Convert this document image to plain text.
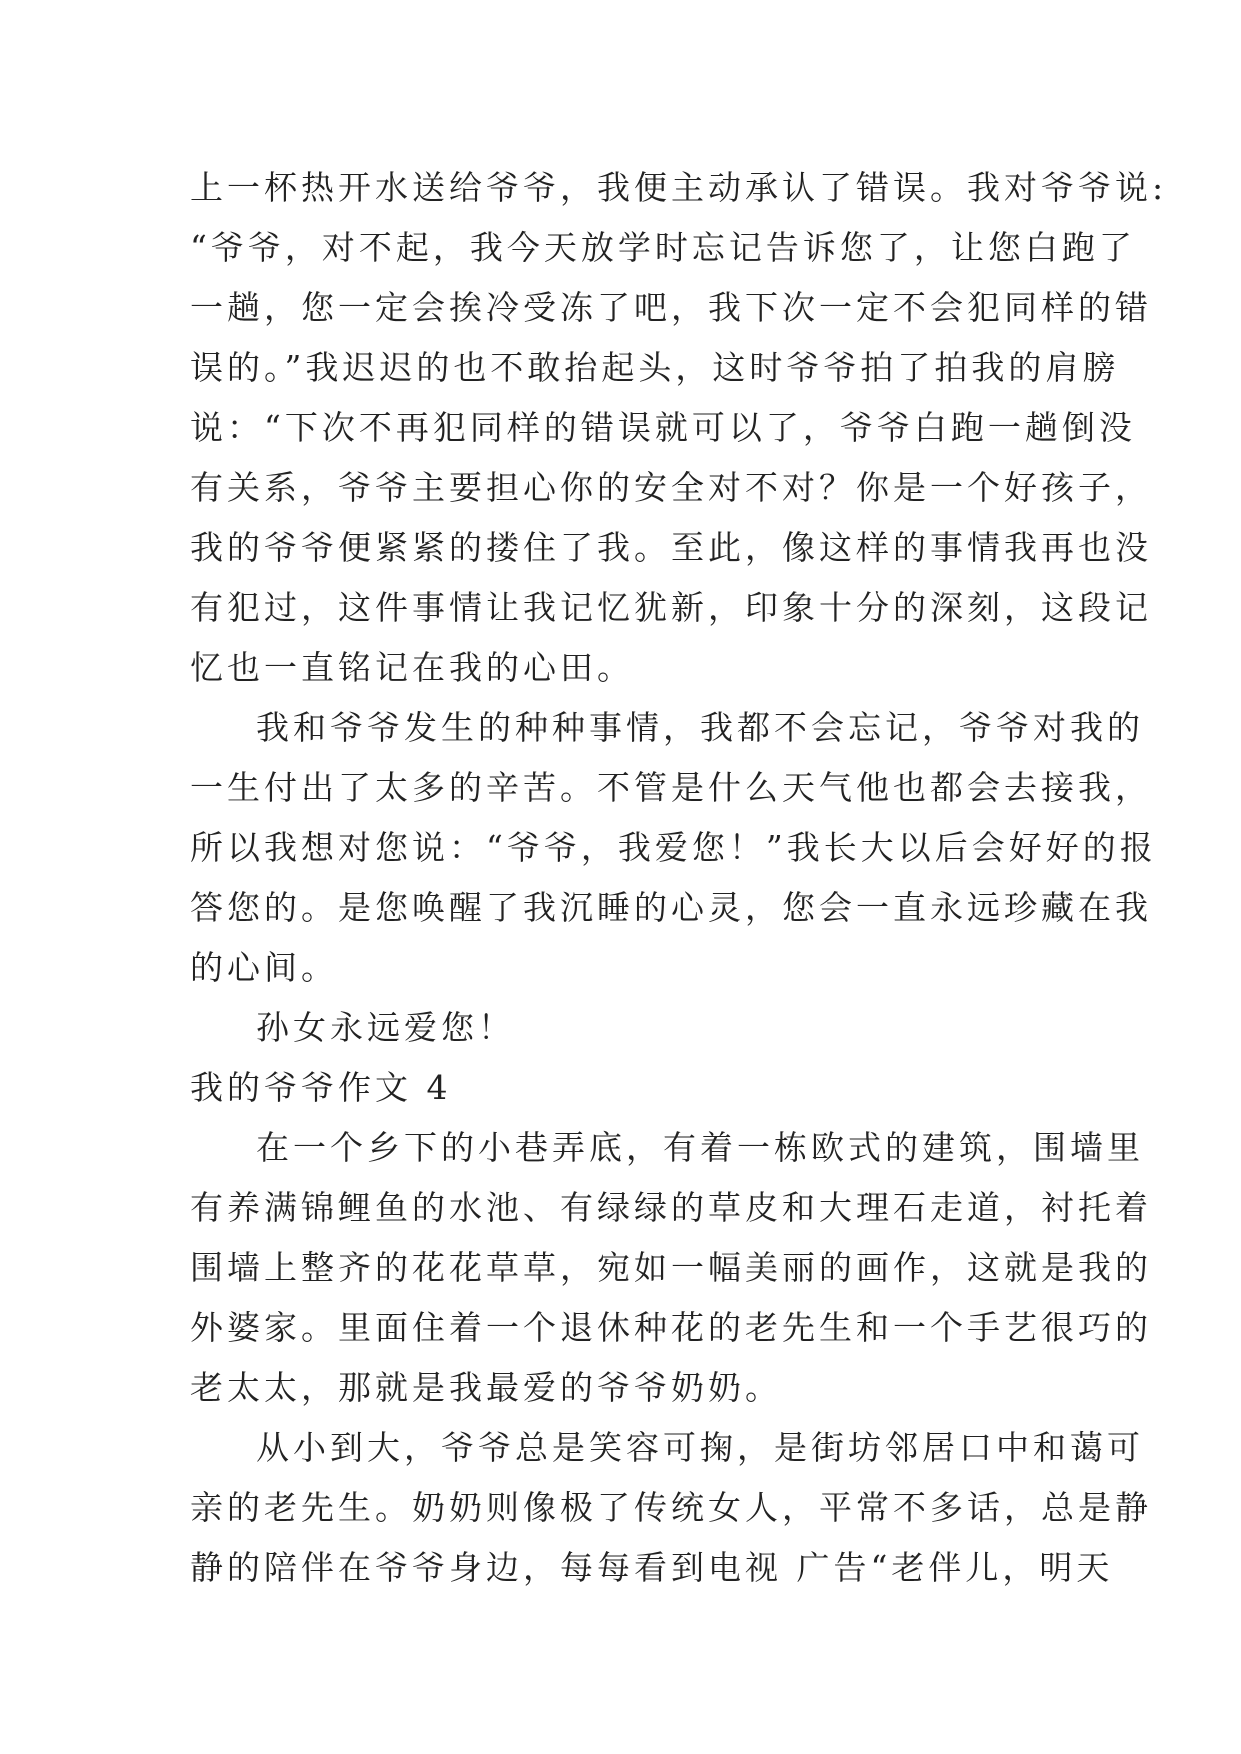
上一杯热开水送给爷爷，我便主动承认了错误。我对爷爷说:
“爷爷，对不起，我今天放学时忘记告诉您了，让您白跑了
一趟，您一定会挨冷受冻了吧，我下次一定不会犯同样的错
误的。”我迟迟的也不敢抬起头，这时爷爷拍了拍我的肩膀
说：“下次不再犯同样的错误就可以了，爷爷白跑一趟倒没
有关系，爷爷主要担心你的安全对不对？你是一个好孩子，
我的爷爷便紧紧的搂住了我。至此，像这样的事情我再也没
有犯过，这件事情让我记忆犹新，印象十分的深刻，这段记
忆也一直铭记在我的心田。
我和爷爷发生的种种事情，我都不会忘记，爷爷对我的
一生付出了太多的辛苦。不管是什么天气他也都会去接我，
所以我想对您说：“爷爷，我爱您！”我长大以后会好好的报
答您的。是您唤醒了我沉睡的心灵，您会一直永远珍藏在我
的心间。
孙女永远爱您！
我的爷爷作文 4
在一个乡下的小巷弄底，有着一栋欧式的建筑，围墙里
有养满锦鲤鱼的水池、有绿绿的草皮和大理石走道，衬托着
围墙上整齐的花花草草，宛如一幅美丽的画作，这就是我的
外婆家。里面住着一个退休种花的老先生和一个手艺很巧的
老太太，那就是我最爱的爷爷奶奶。
从小到大，爷爷总是笑容可掬，是街坊邻居口中和蔼可
亲的老先生。奶奶则像极了传统女人，平常不多话，总是静
静的陪伴在爷爷身边，每每看到电视 广告“老伴儿，明天
